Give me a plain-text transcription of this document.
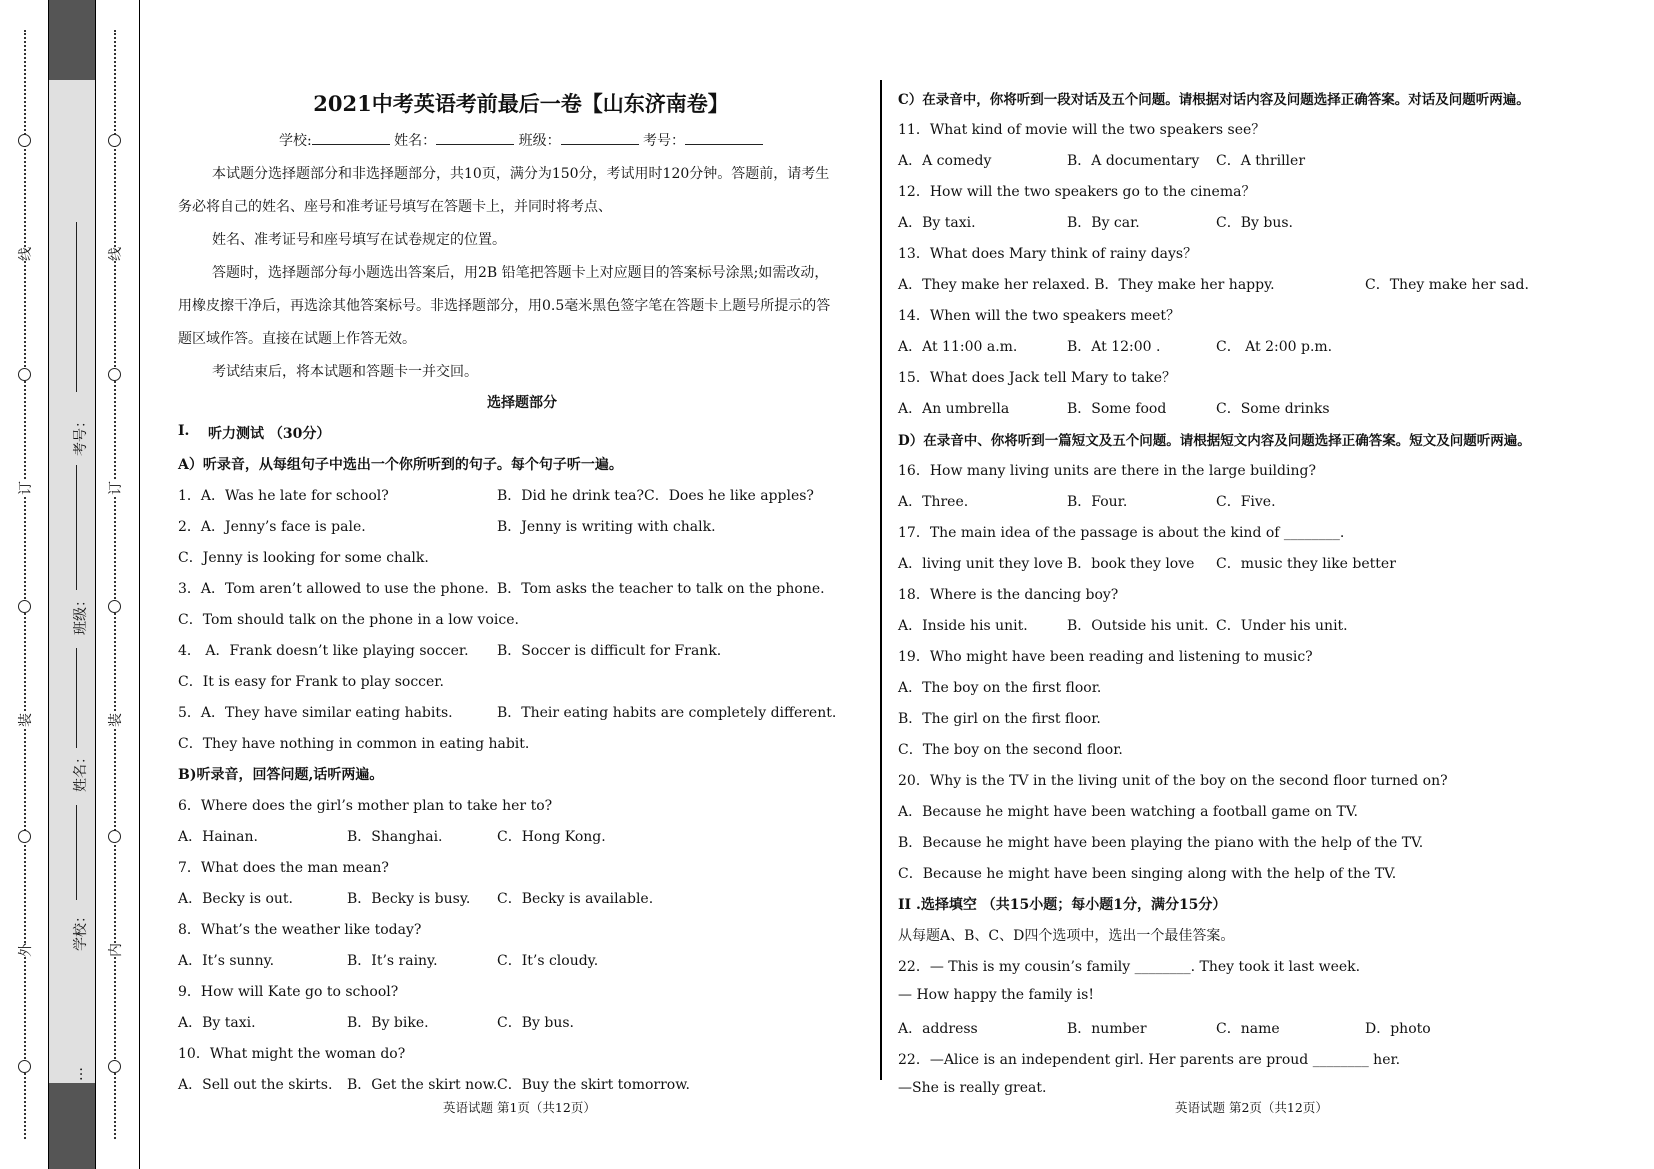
线
订
装
外
考号：
班级：
姓名：
学校：
…
线
订
装
内
2021中考英语考前最后一卷【山东济南卷】
学校:	姓名：	班级：	考号：
本试题分选择题部分和非选择题部分，共10页，满分为150分，考试用时120分钟。答题前，请考生
务必将自己的姓名、座号和准考证号填写在答题卡上，并同时将考点、
姓名、准考证号和座号填写在试卷规定的位置。
答题时，选择题部分每小题选出答案后，用2B 铅笔把答题卡上对应题目的答案标号涂黑;如需改动，
用橡皮擦干净后，再选涂其他答案标号。非选择题部分，用0.5毫米黑色签字笔在答题卡上题号所提示的答
题区域作答。直接在试题上作答无效。
考试结束后，将本试题和答题卡一并交回。
选择题部分
I. 听力测试 （30分）
A）听录音，从每组句子中选出一个你所听到的句子。每个句子听一遍。
1．A．Was he late for school?	B．Did he drink tea? C．Does he like apples?
2．A．Jenny’s face is pale.	B．Jenny is writing with chalk.
C．Jenny is looking for some chalk.
3．A．Tom aren’t allowed to use the phone. B．Tom asks the teacher to talk on the phone.
C．Tom should talk on the phone in a low voice.
4． A．Frank doesn’t like playing soccer. B．Soccer is difficult for Frank.
C．It is easy for Frank to play soccer.
5．A．They have similar eating habits.	B．Their eating habits are completely different.
C．They have nothing in common in eating habit.
B)听录音，回答问题,话听两遍。
6．Where does the girl’s mother plan to take her to?
A．Hainan.	B．Shanghai.	C．Hong Kong.
7．What does the man mean?
A．Becky is out.	B．Becky is busy. C．Becky is available.
8．What’s the weather like today?
A．It’s sunny.	B．It’s rainy.	C．It’s cloudy.
9．How will Kate go to school?
A．By taxi.	B．By bike.	C．By bus.
10．What might the woman do?
A．Sell out the skirts. B．Get the skirt now. C．Buy the skirt tomorrow.
英语试题 第1页（共12页）
C）在录音中，你将听到一段对话及五个问题。请根据对话内容及问题选择正确答案。对话及问题听两遍。
11．What kind of movie will the two speakers see？
A．A comedy	B．A documentary C．A thriller
12．How will the two speakers go to the cinema？
A．By taxi.	B．By car.	C．By bus.
13．What does Mary think of rainy days？
A．They make her relaxed. B．They make her happy.	C．They make her sad.
14．When will the two speakers meet？
A．At 11:00 a.m.	B．At 12:00 .	C． At 2:00 p.m.
15．What does Jack tell Mary to take？
A．An umbrella	B．Some food	C．Some drinks
D）在录音中、你将听到一篇短文及五个问题。请根据短文内容及问题选择正确答案。短文及问题听两遍。
16．How many living units are there in the large building?
A．Three.	B．Four.	C．Five.
17．The main idea of the passage is about the kind of ________.
A．living unit they love B．book they love C．music they like better
18．Where is the dancing boy?
A．Inside his unit.	B．Outside his unit. C．Under his unit.
19．Who might have been reading and listening to music?
A．The boy on the first floor.
B．The girl on the first floor.
C．The boy on the second floor.
20．Why is the TV in the living unit of the boy on the second floor turned on?
A．Because he might have been watching a football game on TV.
B．Because he might have been playing the piano with the help of the TV.
C．Because he might have been singing along with the help of the TV.
II .选择填空 （共15小题；每小题1分，满分15分）
从每题A、B、C、D四个选项中，选出一个最佳答案。
22．— This is my cousin’s family ________. They took it last week.
— How happy the family is!
A．address	B．number	C．name	D．photo
22．—Alice is an independent girl. Her parents are proud ________ her.
—She is really great.
英语试题 第2页（共12页）
